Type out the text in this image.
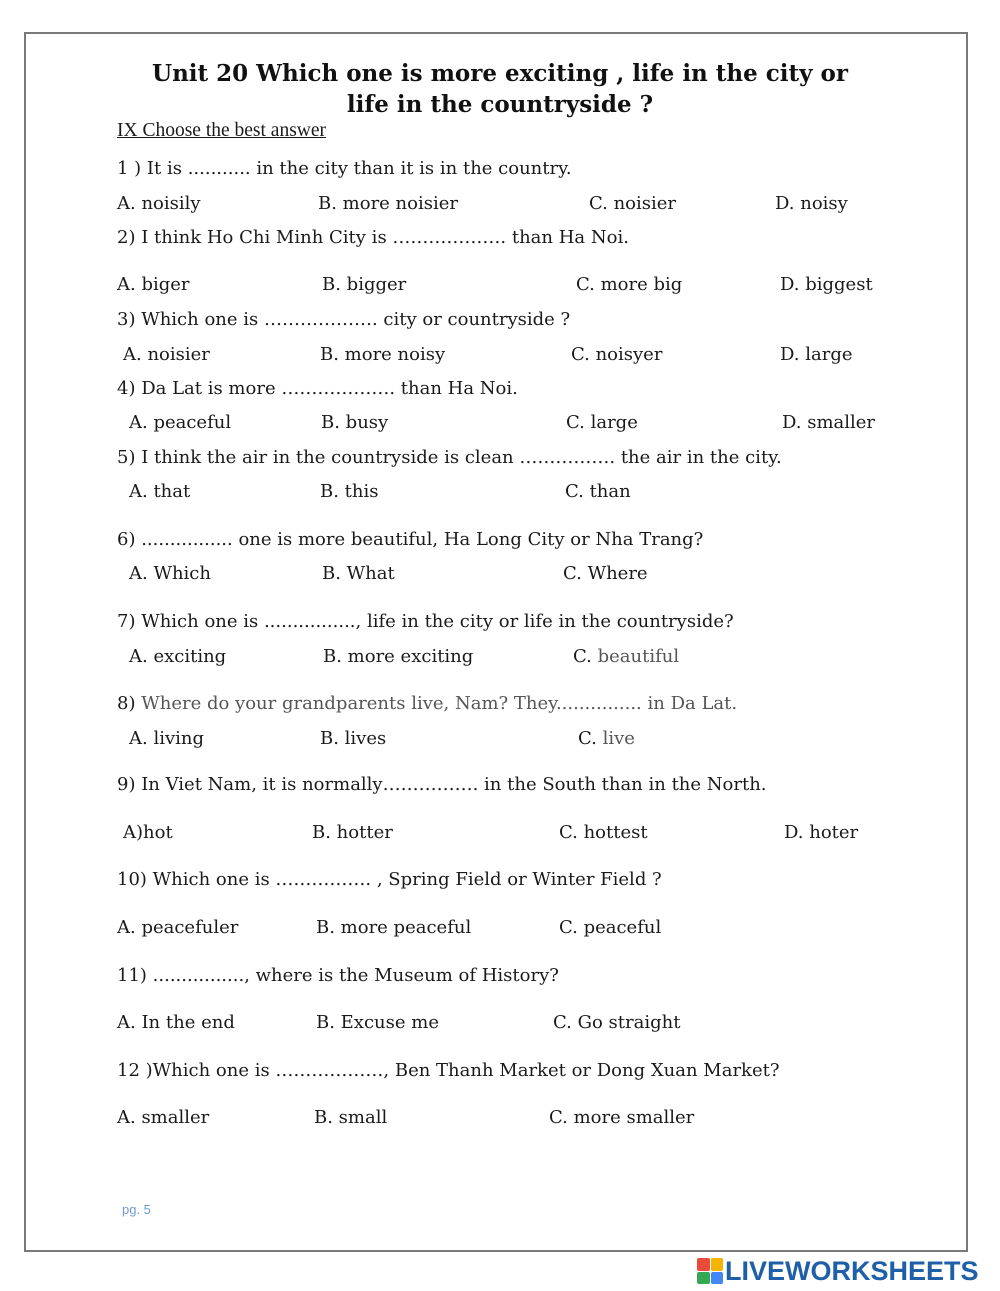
Unit 20 Which one is more exciting , life in the city or
life in the countryside ?
IX Choose the best answer
1 ) It is ........... in the city than it is in the country.
A. noisily	B. more noisier	C. noisier	D. noisy
2) I think Ho Chi Minh City is ………………. than Ha Noi.
A. biger	B. bigger	C. more big	D. biggest
3) Which one is ………………. city or countryside ?
A. noisier	B. more noisy	C. noisyer	D. large
4) Da Lat is more ………………. than Ha Noi.
A. peaceful	B. busy	C. large	D. smaller
5) I think the air in the countryside is clean ……………. the air in the city.
A. that	B. this	C. than
6) ................ one is more beautiful, Ha Long City or Nha Trang?
A. Which	B. What	C. Where
7) Which one is ................, life in the city or life in the countryside?
A. exciting	B. more exciting	C. beautiful
8) Where do your grandparents live, Nam? They............... in Da Lat.
A. living	B. lives	C. live
9) In Viet Nam, it is normally……………. in the South than in the North.
A)hot	B. hotter	C. hottest	D. hoter
10) Which one is ……………. , Spring Field or Winter Field ?
A. peacefuler	B. more peaceful	C. peaceful
11) ................, where is the Museum of History?
A. In the end	B. Excuse me	C. Go straight
12 )Which one is ………………, Ben Thanh Market or Dong Xuan Market?
A. smaller	B. small	C. more smaller
pg. 5
LIVEWORKSHEETS
